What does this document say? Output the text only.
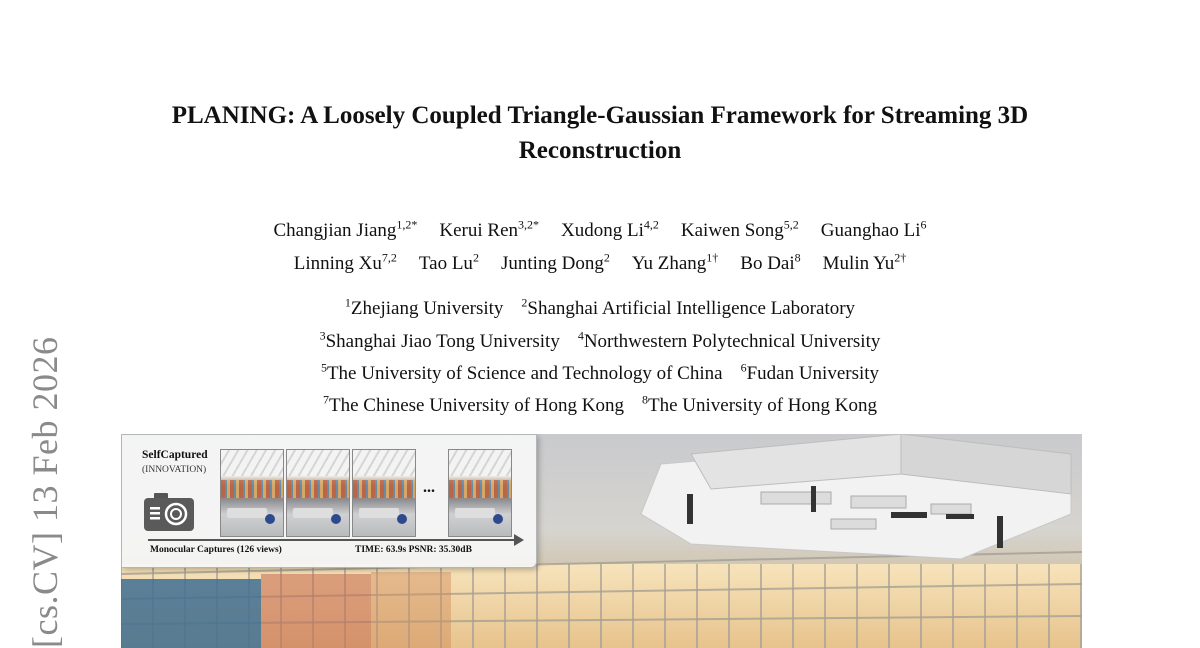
[cs.CV] 13 Feb 2026
PLANING: A Loosely Coupled Triangle-Gaussian Framework for Streaming 3D Reconstruction
Changjian Jiang$^{1,2*}$ Kerui Ren$^{3,2*}$ Xudong Li$^{4,2}$ Kaiwen Song$^{5,2}$ Guanghao Li$^6$
Linning Xu$^{7,2}$ Tao Lu$^2$ Junting Dong$^2$ Yu Zhang$^{1\dagger}$ Bo Dai$^8$ Mulin $Yu^{2\dagger}$
$^1$Zhejiang University $^2$Shanghai Artificial Intelligence Laboratory
$^3$Shanghai Jiao Tong University $^4$Northwestern Polytechnical University
$^5$The University of Science and Technology of China $^6$Fudan University
$^7$The Chinese University of Hong Kong $^8$The University of Hong Kong
SelfCaptured
(INNOVATION)
...
Monocular Captures (126 views)	TIME: 63.9s PSNR: 35.30dB
